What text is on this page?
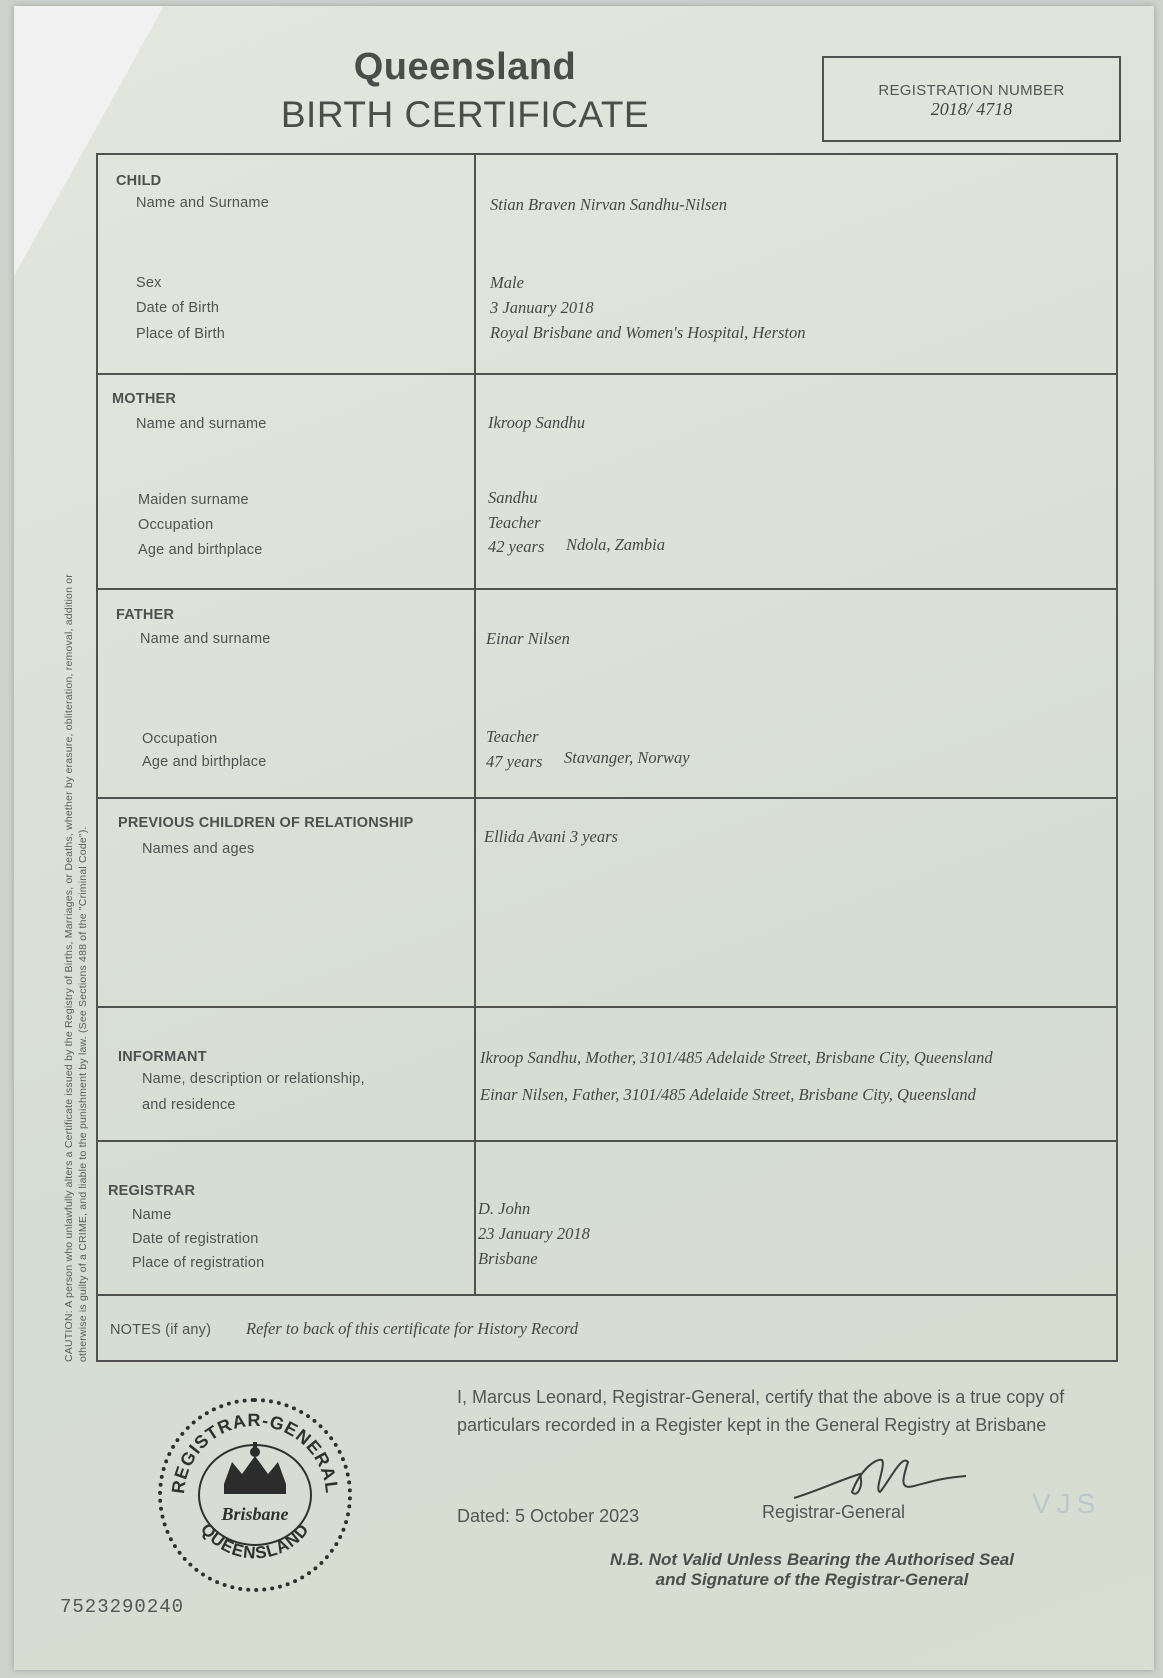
CAUTION: A person who unlawfully alters a Certificate issued by the Registry of Births, Marriages, or Deaths, whether by erasure, obliteration, removal, addition or otherwise is guilty of a CRIME, and liable to the punishment by law. (See Sections 488 of the "Criminal Code").
Queensland
BIRTH CERTIFICATE
REGISTRATION NUMBER
2018/ 4718
CHILD
Name and Surname	Stian Braven Nirvan Sandhu-Nilsen
Sex	Male
Date of Birth	3 January 2018
Place of Birth	Royal Brisbane and Women's Hospital, Herston
MOTHER
Name and surname	Ikroop Sandhu
Maiden surname	Sandhu
Occupation	Teacher
Age and birthplace	42 years Ndola, Zambia
FATHER
Name and surname	Einar Nilsen
Occupation	Teacher
Age and birthplace	47 years Stavanger, Norway
PREVIOUS CHILDREN OF RELATIONSHIP
Names and ages
Ellida Avani 3 years
INFORMANT
Name, description or relationship,
and residence
Ikroop Sandhu, Mother, 3101/485 Adelaide Street, Brisbane City, Queensland
Einar Nilsen, Father, 3101/485 Adelaide Street, Brisbane City, Queensland
REGISTRAR
Name	D. John
Date of registration	23 January 2018
Place of registration	Brisbane
NOTES (if any) Refer to back of this certificate for History Record
REGISTRAR-GENERAL
QUEENSLAND
Brisbane
I, Marcus Leonard, Registrar-General, certify that the above is a true copy of particulars recorded in a Register kept in the General Registry at Brisbane
Dated: 5 October 2023	Registrar-General	VJS
N.B. Not Valid Unless Bearing the Authorised Seal
and Signature of the Registrar-General
7523290240
